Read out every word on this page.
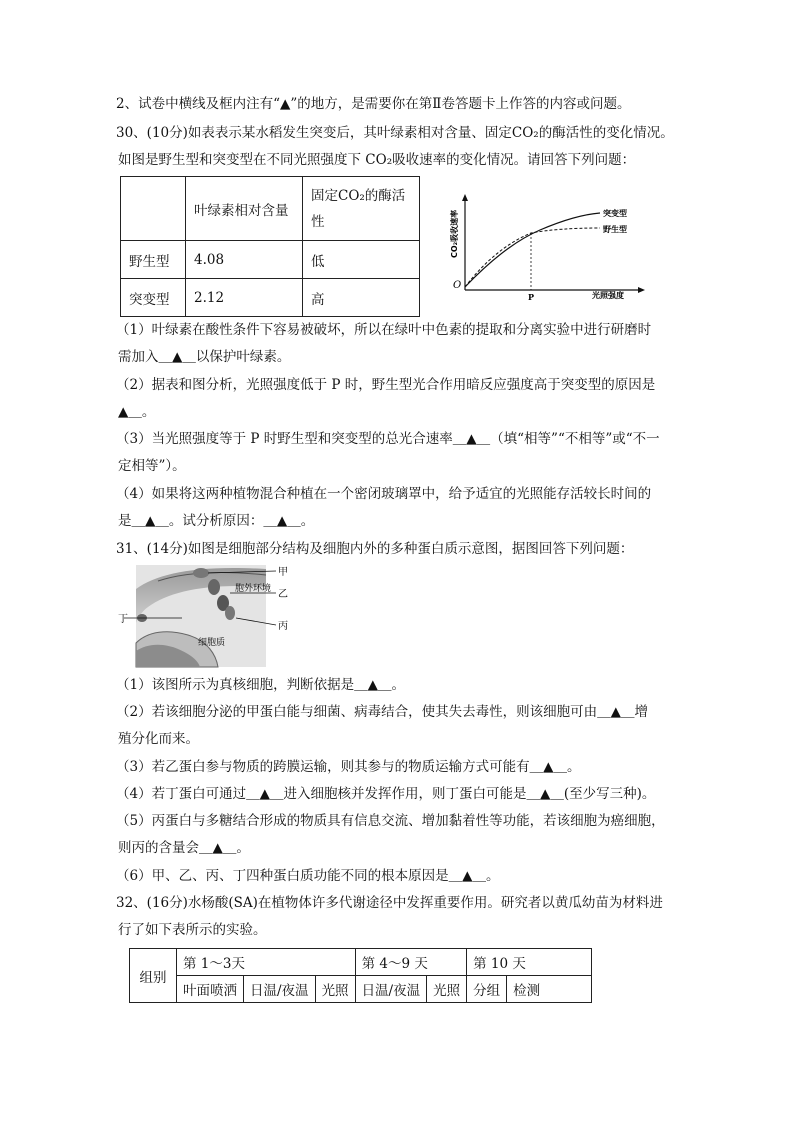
2、试卷中横线及框内注有“▲”的地方，是需要你在第Ⅱ卷答题卡上作答的内容或问题。
30、(10分)如表表示某水稻发生突变后，其叶绿素相对含量、固定CO₂的酶活性的变化情况。
如图是野生型和突变型在不同光照强度下 CO₂吸收速率的变化情况。请回答下列问题：
	叶绿素相对含量	固定CO₂的酶活
性
野生型	4.08	低
突变型	2.12	高
CO₂吸收速率
O
P	光照强度
突变型
野生型
（1）叶绿素在酸性条件下容易被破坏，所以在绿叶中色素的提取和分离实验中进行研磨时
需加入＿▲＿以保护叶绿素。
（2）据表和图分析，光照强度低于 P 时，野生型光合作用暗反应强度高于突变型的原因是
▲＿。
（3）当光照强度等于 P 时野生型和突变型的总光合速率＿▲＿（填“相等”“不相等”或“不一
定相等”）。
（4）如果将这两种植物混合种植在一个密闭玻璃罩中，给予适宜的光照能存活较长时间的
是＿▲＿。试分析原因：＿▲＿。
31、(14分)如图是细胞部分结构及细胞内外的多种蛋白质示意图，据图回答下列问题：
甲
胞外环境 乙
丁
丙
细胞质
（1）该图所示为真核细胞，判断依据是＿▲＿。
（2）若该细胞分泌的甲蛋白能与细菌、病毒结合，使其失去毒性，则该细胞可由＿▲＿增
殖分化而来。
（3）若乙蛋白参与物质的跨膜运输，则其参与的物质运输方式可能有＿▲＿。
（4）若丁蛋白可通过＿▲＿进入细胞核并发挥作用，则丁蛋白可能是＿▲＿(至少写三种)。
（5）丙蛋白与多糖结合形成的物质具有信息交流、增加黏着性等功能，若该细胞为癌细胞，
则丙的含量会＿▲＿。
（6）甲、乙、丙、丁四种蛋白质功能不同的根本原因是＿▲＿。
32、(16分)水杨酸(SA)在植物体许多代谢途径中发挥重要作用。研究者以黄瓜幼苗为材料进
行了如下表所示的实验。
组别	第 1～3天			第 4～9 天		第 10 天	
	叶面喷洒	日温/夜温	光照	日温/夜温	光照	分组	检测
